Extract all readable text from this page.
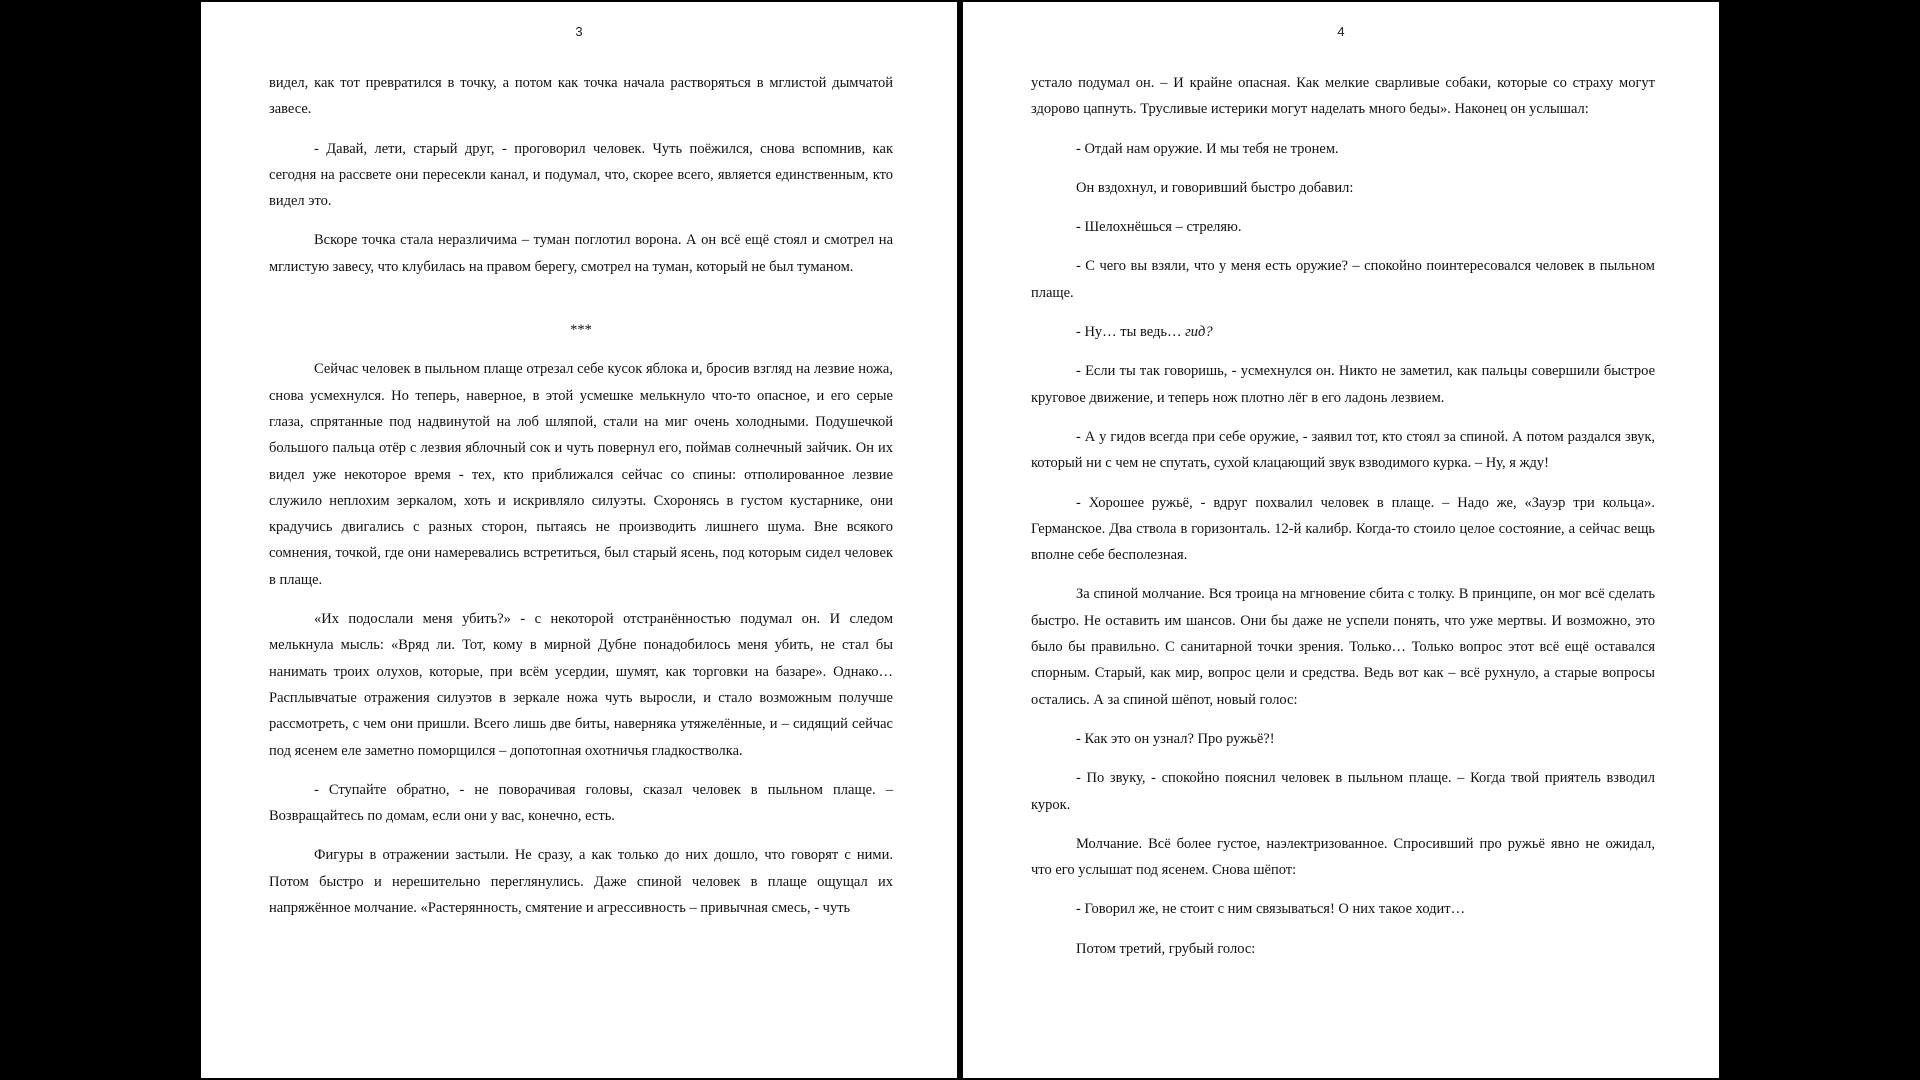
3

видел, как тот превратился в точку, а потом как точка начала растворяться в мглистой дымчатой завесе.

- Давай, лети, старый друг, - проговорил человек. Чуть поёжился, снова вспомнив, как сегодня на рассвете они пересекли канал, и подумал, что, скорее всего, является единственным, кто видел это.

Вскоре точка стала неразличима – туман поглотил ворона. А он всё ещё стоял и смотрел на мглистую завесу, что клубилась на правом берегу, смотрел на туман, который не был туманом.

***

Сейчас человек в пыльном плаще отрезал себе кусок яблока и, бросив взгляд на лезвие ножа, снова усмехнулся. Но теперь, наверное, в этой усмешке мелькнуло что-то опасное, и его серые глаза, спрятанные под надвинутой на лоб шляпой, стали на миг очень холодными. Подушечкой большого пальца отёр с лезвия яблочный сок и чуть повернул его, поймав солнечный зайчик. Он их видел уже некоторое время - тех, кто приближался сейчас со спины: отполированное лезвие служило неплохим зеркалом, хоть и искривляло силуэты. Схоронясь в густом кустарнике, они крадучись двигались с разных сторон, пытаясь не производить лишнего шума. Вне всякого сомнения, точкой, где они намеревались встретиться, был старый ясень, под которым сидел человек в плаще.

«Их подослали меня убить?» - с некоторой отстранённостью подумал он. И следом мелькнула мысль: «Вряд ли. Тот, кому в мирной Дубне понадобилось меня убить, не стал бы нанимать троих олухов, которые, при всём усердии, шумят, как торговки на базаре». Однако… Расплывчатые отражения силуэтов в зеркале ножа чуть выросли, и стало возможным получше рассмотреть, с чем они пришли. Всего лишь две биты, наверняка утяжелённые, и – сидящий сейчас под ясенем еле заметно поморщился – допотопная охотничья гладкостволка.

- Ступайте обратно, - не поворачивая головы, сказал человек в пыльном плаще. – Возвращайтесь по домам, если они у вас, конечно, есть.

Фигуры в отражении застыли. Не сразу, а как только до них дошло, что говорят с ними. Потом быстро и нерешительно переглянулись. Даже спиной человек в плаще ощущал их напряжённое молчание. «Растерянность, смятение и агрессивность – привычная смесь, - чуть

4

устало подумал он. – И крайне опасная. Как мелкие сварливые собаки, которые со страху могут здорово цапнуть. Трусливые истерики могут наделать много беды». Наконец он услышал:

- Отдай нам оружие. И мы тебя не тронем.

Он вздохнул, и говоривший быстро добавил:

- Шелохнёшься – стреляю.

- С чего вы взяли, что у меня есть оружие? – спокойно поинтересовался человек в пыльном плаще.

- Ну… ты ведь… гид?

- Если ты так говоришь, - усмехнулся он. Никто не заметил, как пальцы совершили быстрое круговое движение, и теперь нож плотно лёг в его ладонь лезвием.

- А у гидов всегда при себе оружие, - заявил тот, кто стоял за спиной. А потом раздался звук, который ни с чем не спутать, сухой клацающий звук взводимого курка. – Ну, я жду!

- Хорошее ружьё, - вдруг похвалил человек в плаще. – Надо же, «Зауэр три кольца». Германское. Два ствола в горизонталь. 12-й калибр. Когда-то стоило целое состояние, а сейчас вещь вполне себе бесполезная.

За спиной молчание. Вся троица на мгновение сбита с толку. В принципе, он мог всё сделать быстро. Не оставить им шансов. Они бы даже не успели понять, что уже мертвы. И возможно, это было бы правильно. С санитарной точки зрения. Только… Только вопрос этот всё ещё оставался спорным. Старый, как мир, вопрос цели и средства. Ведь вот как – всё рухнуло, а старые вопросы остались. А за спиной шёпот, новый голос:

- Как это он узнал? Про ружьё?!

- По звуку, - спокойно пояснил человек в пыльном плаще. – Когда твой приятель взводил курок.

Молчание. Всё более густое, наэлектризованное. Спросивший про ружьё явно не ожидал, что его услышат под ясенем. Снова шёпот:

- Говорил же, не стоит с ним связываться! О них такое ходит…

Потом третий, грубый голос:
